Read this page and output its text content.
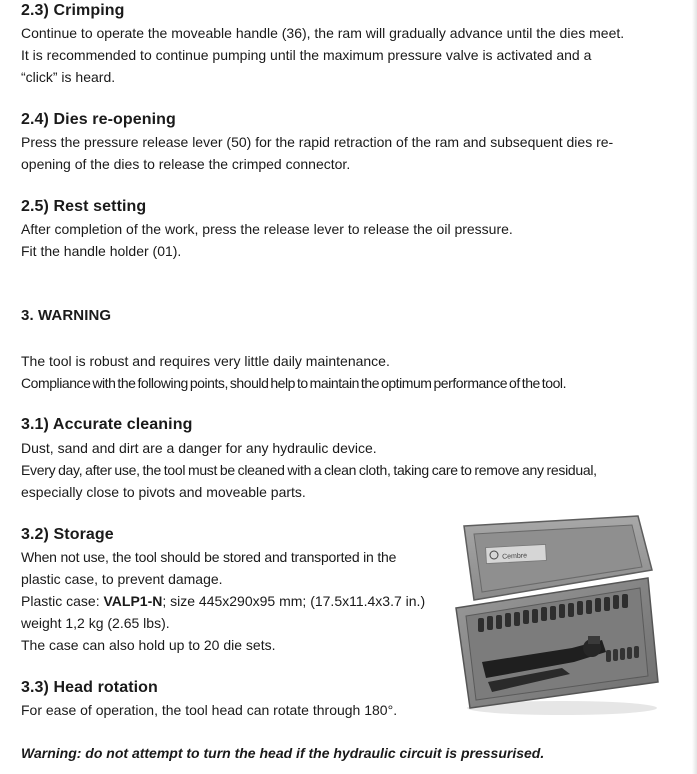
2.3) Crimping
Continue to operate the moveable handle (36), the ram will gradually advance until the dies meet.
It is recommended to continue pumping until the maximum pressure valve is activated and a
“click” is heard.
2.4) Dies re-opening
Press the pressure release lever (50) for the rapid retraction of the ram and subsequent dies re-
opening of the dies to release the crimped connector.
2.5) Rest setting
After completion of the work, press the release lever to release the oil pressure.
Fit the handle holder (01).
3. WARNING
The tool is robust and requires very little daily maintenance.
Compliance with the following points, should help to maintain the optimum performance of the tool.
3.1) Accurate cleaning
Dust, sand and dirt are a danger for any hydraulic device.
Every day, after use, the tool must be cleaned with a clean cloth, taking care to remove any residual,
especially close to pivots and moveable parts.
3.2) Storage
When not use, the tool should be stored and transported in the
plastic case, to prevent damage.
Plastic case: VALP1-N; size 445x290x95 mm; (17.5x11.4x3.7 in.)
weight 1,2 kg (2.65 lbs).
The case can also hold up to 20 die sets.
3.3) Head rotation
For ease of operation, the tool head can rotate through 180°.
Warning: do not attempt to turn the head if the hydraulic circuit is pressurised.
Cembre
